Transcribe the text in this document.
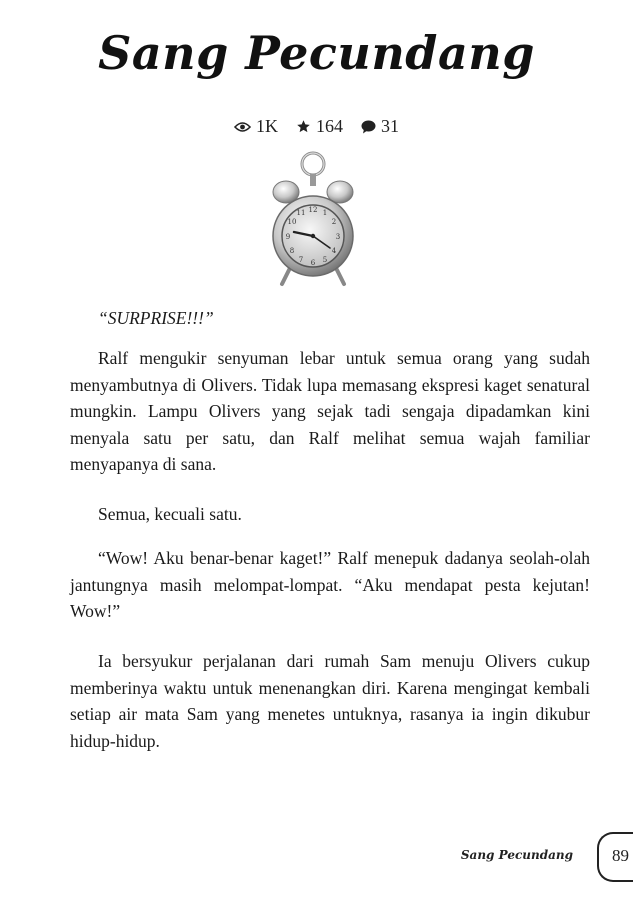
Sang Pecundang
1K 164 31
12 1
2
3
4
5
6
7
8
9
10
11

“SURPRISE!!!”

Ralf mengukir senyuman lebar untuk semua orang yang sudah menyambutnya di Olivers. Tidak lupa memasang ekspresi kaget senatural mungkin. Lampu Olivers yang sejak tadi sengaja dipadamkan kini menyala satu per satu, dan Ralf melihat semua wajah familiar menyapanya di sana.

Semua, kecuali satu.

“Wow! Aku benar-benar kaget!” Ralf menepuk dadanya seolah-olah jantungnya masih melompat-lompat. “Aku mendapat pesta kejutan! Wow!”

Ia bersyukur perjalanan dari rumah Sam menuju Olivers cukup memberinya waktu untuk menenangkan diri. Karena mengingat kembali setiap air mata Sam yang menetes untuknya, rasanya ia ingin dikubur hidup-hidup.

Sang Pecundang 89
